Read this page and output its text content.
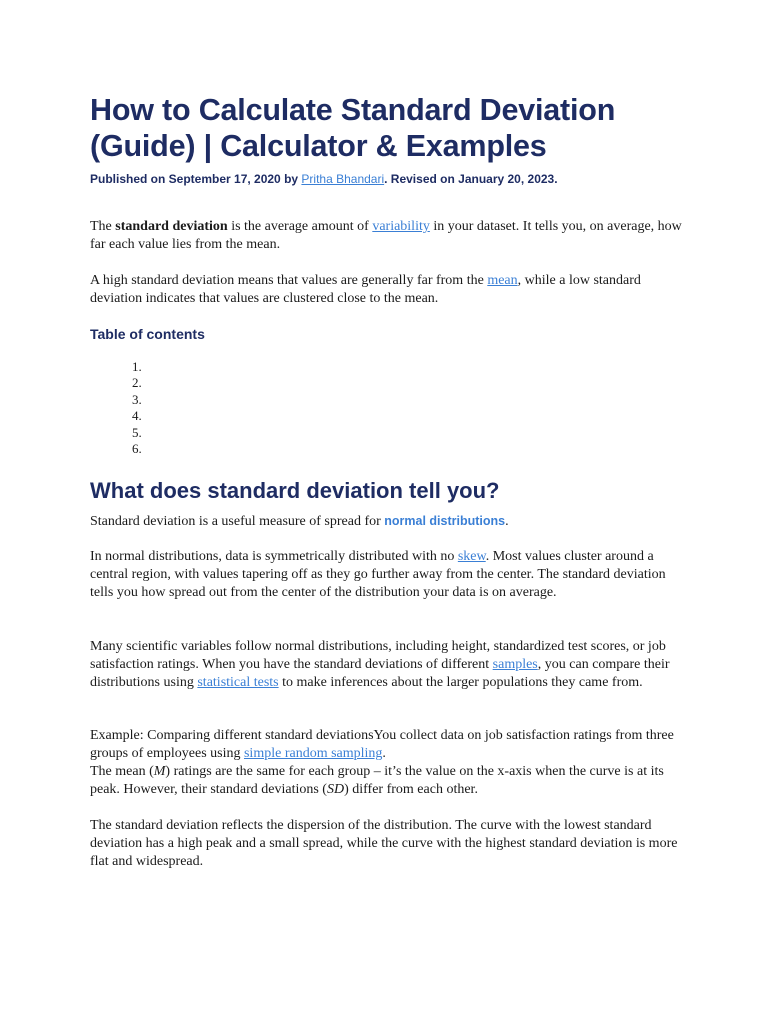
How to Calculate Standard Deviation (Guide) | Calculator & Examples
Published on September 17, 2020 by Pritha Bhandari. Revised on January 20, 2023.

The standard deviation is the average amount of variability in your dataset. It tells you, on average, how far each value lies from the mean.

A high standard deviation means that values are generally far from the mean, while a low standard deviation indicates that values are clustered close to the mean.

Table of contents
1.
2.
3.
4.
5.
6.
What does standard deviation tell you?

Standard deviation is a useful measure of spread for normal distributions.

In normal distributions, data is symmetrically distributed with no skew. Most values cluster around a central region, with values tapering off as they go further away from the center. The standard deviation tells you how spread out from the center of the distribution your data is on average.

Many scientific variables follow normal distributions, including height, standardized test scores, or job satisfaction ratings. When you have the standard deviations of different samples, you can compare their distributions using statistical tests to make inferences about the larger populations they came from.

Example: Comparing different standard deviationsYou collect data on job satisfaction ratings from three groups of employees using simple random sampling.
The mean (M) ratings are the same for each group – it’s the value on the x-axis when the curve is at its peak. However, their standard deviations (SD) differ from each other.

The standard deviation reflects the dispersion of the distribution. The curve with the lowest standard deviation has a high peak and a small spread, while the curve with the highest standard deviation is more flat and widespread.
